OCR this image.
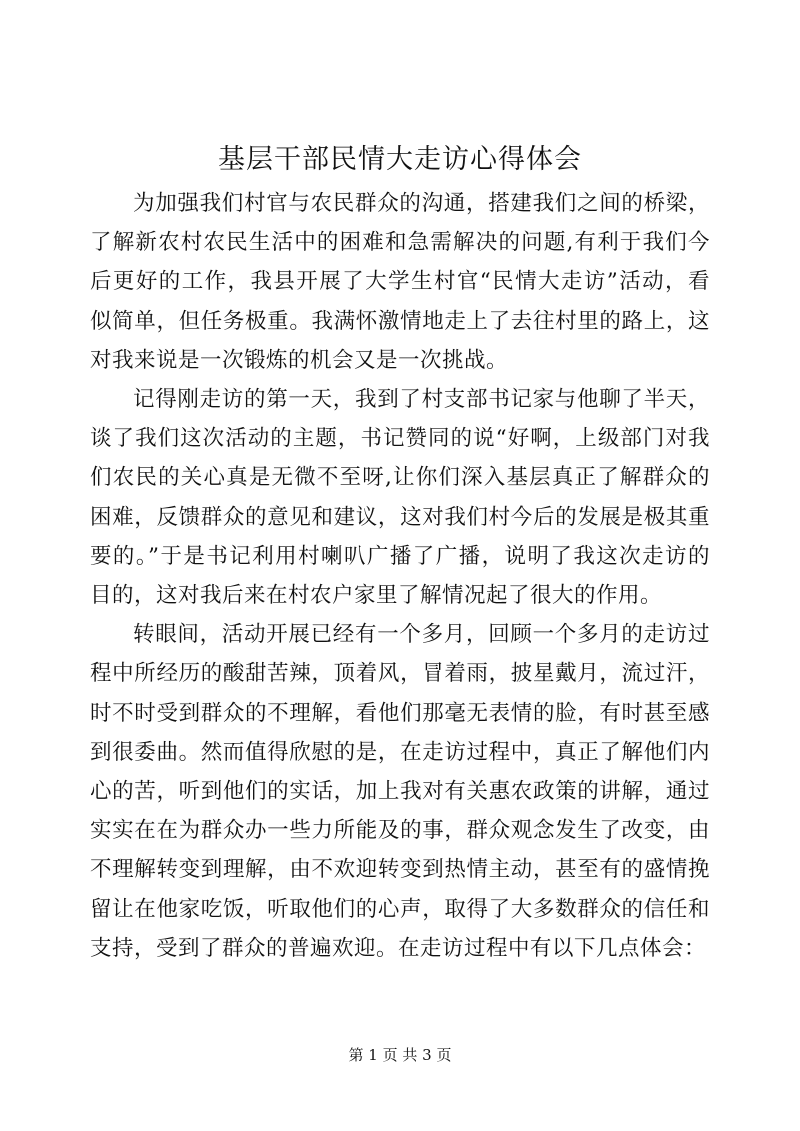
基层干部民情大走访心得体会

为加强我们村官与农民群众的沟通，搭建我们之间的桥梁，
了解新农村农民生活中的困难和急需解决的问题,有利于我们今
后更好的工作，我县开展了大学生村官“民情大走访”活动，看
似简单，但任务极重。我满怀激情地走上了去往村里的路上，这
对我来说是一次锻炼的机会又是一次挑战。

记得刚走访的第一天，我到了村支部书记家与他聊了半天，
谈了我们这次活动的主题，书记赞同的说“好啊，上级部门对我
们农民的关心真是无微不至呀,让你们深入基层真正了解群众的
困难，反馈群众的意见和建议，这对我们村今后的发展是极其重
要的。”于是书记利用村喇叭广播了广播，说明了我这次走访的
目的，这对我后来在村农户家里了解情况起了很大的作用。

转眼间，活动开展已经有一个多月，回顾一个多月的走访过
程中所经历的酸甜苦辣，顶着风，冒着雨，披星戴月，流过汗，
时不时受到群众的不理解，看他们那毫无表情的脸，有时甚至感
到很委曲。然而值得欣慰的是，在走访过程中，真正了解他们内
心的苦，听到他们的实话，加上我对有关惠农政策的讲解，通过
实实在在为群众办一些力所能及的事，群众观念发生了改变，由
不理解转变到理解，由不欢迎转变到热情主动，甚至有的盛情挽
留让在他家吃饭，听取他们的心声，取得了大多数群众的信任和
支持，受到了群众的普遍欢迎。在走访过程中有以下几点体会：

第 1 页 共 3 页
